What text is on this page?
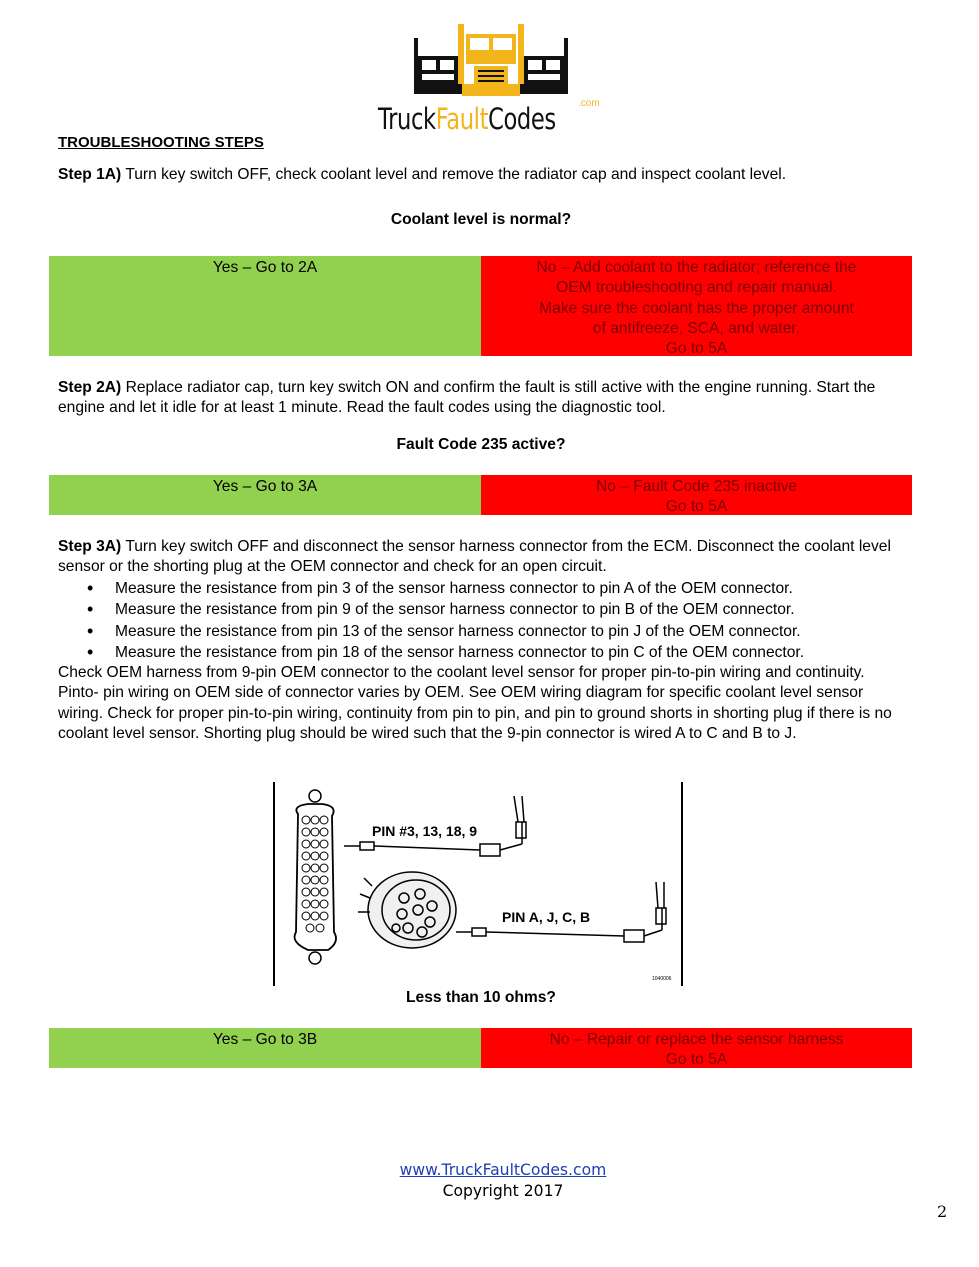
TruckFaultCodes .com
TROUBLESHOOTING STEPS
Step 1A) Turn key switch OFF, check coolant level and remove the radiator cap and inspect coolant level.
Coolant level is normal?
Yes – Go to 2A	No – Add coolant to the radiator; reference the
OEM troubleshooting and repair manual.
Make sure the coolant has the proper amount
of antifreeze, SCA, and water.
Go to 5A
Step 2A) Replace radiator cap, turn key switch ON and confirm the fault is still active with the engine running. Start the engine and let it idle for at least 1 minute. Read the fault codes using the diagnostic tool.
Fault Code 235 active?
Yes – Go to 3A	No – Fault Code 235 inactive
Go to 5A
Step 3A) Turn key switch OFF and disconnect the sensor harness connector from the ECM. Disconnect the coolant level sensor or the shorting plug at the OEM connector and check for an open circuit.
• Measure the resistance from pin 3 of the sensor harness connector to pin A of the OEM connector.
• Measure the resistance from pin 9 of the sensor harness connector to pin B of the OEM connector.
• Measure the resistance from pin 13 of the sensor harness connector to pin J of the OEM connector.
• Measure the resistance from pin 18 of the sensor harness connector to pin C of the OEM connector.
Check OEM harness from 9-pin OEM connector to the coolant level sensor for proper pin-to-pin wiring and continuity. Pinto- pin wiring on OEM side of connector varies by OEM. See OEM wiring diagram for specific coolant level sensor wiring. Check for proper pin-to-pin wiring, continuity from pin to pin, and pin to ground shorts in shorting plug if there is no coolant level sensor. Shorting plug should be wired such that the 9-pin connector is wired A to C and B to J.
PIN #3, 13, 18, 9
PIN A, J, C, B
1040006
Less than 10 ohms?
Yes – Go to 3B	No – Repair or replace the sensor harness
Go to 5A
www.TruckFaultCodes.com
Copyright 2017
2
